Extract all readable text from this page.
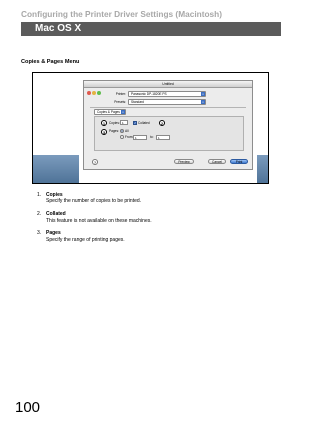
Configuring the Printer Driver Settings (Macintosh)
Mac OS X
Copies & Pages Menu
Untitled
Printer:	Panasonic DP-1820E PS	▾
Presets:	Standard	▾
Copies & Pages	▾
1	Copies: 1	✓ Collated	2
3	Pages: All
From: 1	to:	1
?	Preview	Cancel	Print
1. Copies
Specify the number of copies to be printed.
2. Collated
This feature is not available on these machines.
3. Pages
Specify the range of printing pages.
100
